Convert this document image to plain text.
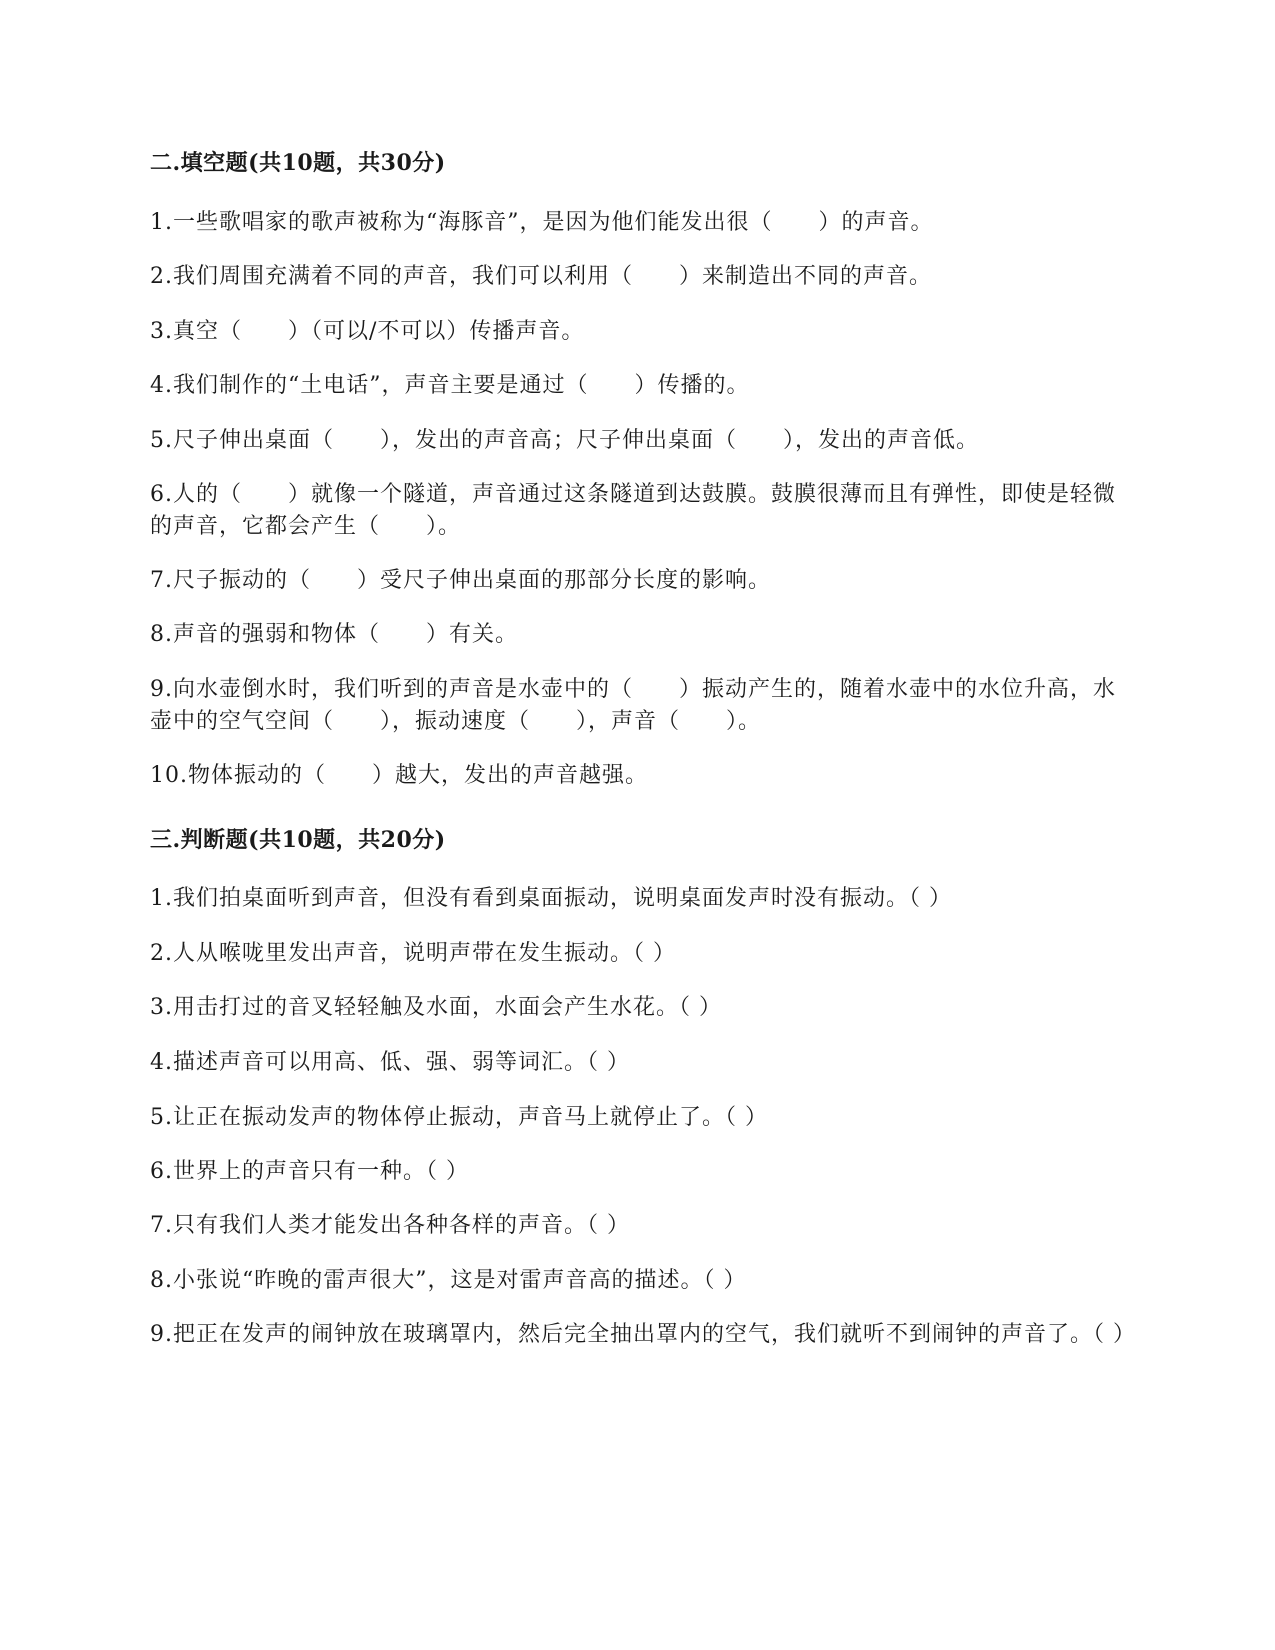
二.填空题(共10题，共30分)
1.一些歌唱家的歌声被称为“海豚音”，是因为他们能发出很（　　）的声音。
2.我们周围充满着不同的声音，我们可以利用（　　）来制造出不同的声音。
3.真空（　　）（可以/不可以）传播声音。
4.我们制作的“土电话”，声音主要是通过（　　）传播的。
5.尺子伸出桌面（　　），发出的声音高；尺子伸出桌面（　　），发出的声音低。
6.人的（　　）就像一个隧道，声音通过这条隧道到达鼓膜。鼓膜很薄而且有弹性，即使是轻微的声音，它都会产生（　　）。
7.尺子振动的（　　）受尺子伸出桌面的那部分长度的影响。
8.声音的强弱和物体（　　）有关。
9.向水壶倒水时，我们听到的声音是水壶中的（　　）振动产生的，随着水壶中的水位升高，水壶中的空气空间（　　），振动速度（　　），声音（　　）。
10.物体振动的（　　）越大，发出的声音越强。
三.判断题(共10题，共20分)
1.我们拍桌面听到声音，但没有看到桌面振动，说明桌面发声时没有振动。（ ）
2.人从喉咙里发出声音，说明声带在发生振动。（ ）
3.用击打过的音叉轻轻触及水面，水面会产生水花。（ ）
4.描述声音可以用高、低、强、弱等词汇。（ ）
5.让正在振动发声的物体停止振动，声音马上就停止了。（ ）
6.世界上的声音只有一种。（ ）
7.只有我们人类才能发出各种各样的声音。（ ）
8.小张说“昨晚的雷声很大”，这是对雷声音高的描述。（ ）
9.把正在发声的闹钟放在玻璃罩内，然后完全抽出罩内的空气，我们就听不到闹钟的声音了。（ ）
